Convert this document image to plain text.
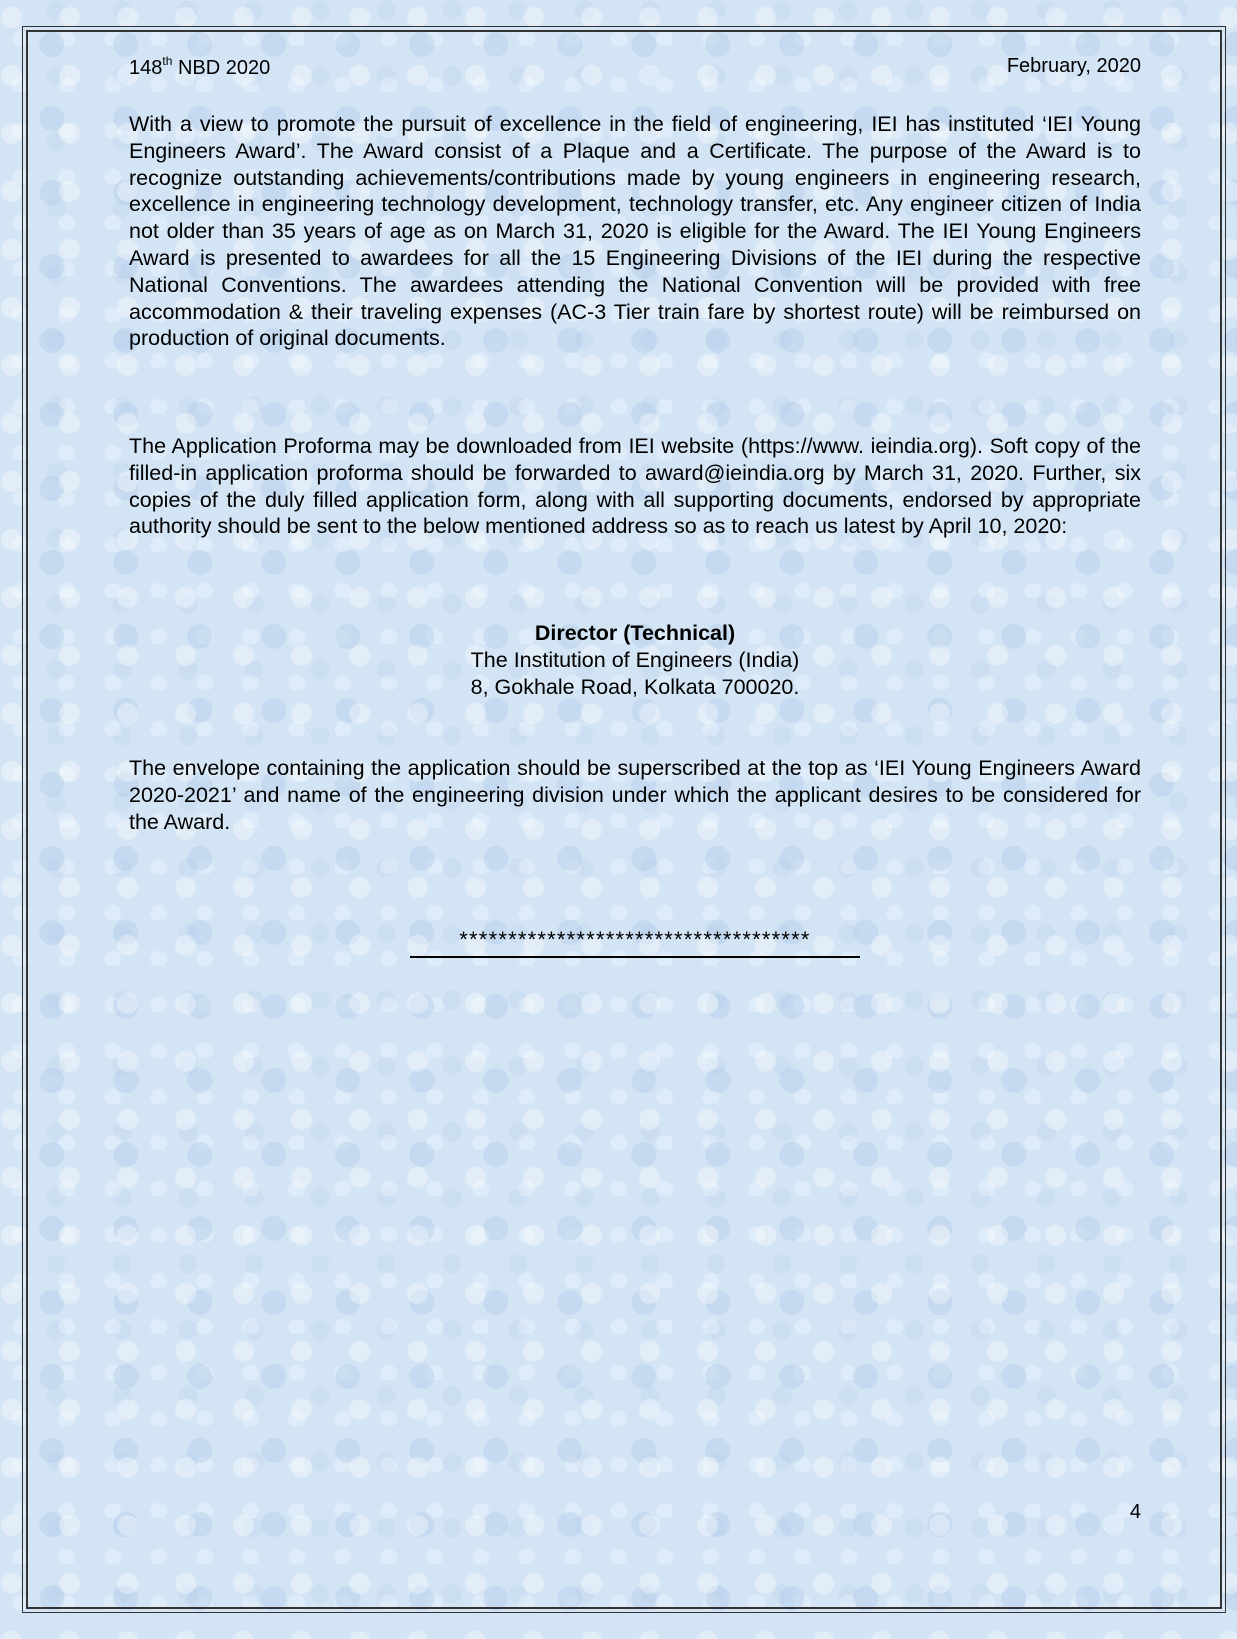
148th NBD 2020	February, 2020

With a view to promote the pursuit of excellence in the field of engineering, IEI has instituted ‘IEI Young Engineers Award’. The Award consist of a Plaque and a Certificate. The purpose of the Award is to recognize outstanding achievements/contributions made by young engineers in engineering research, excellence in engineering technology development, technology transfer, etc. Any engineer citizen of India not older than 35 years of age as on March 31, 2020 is eligible for the Award. The IEI Young Engineers Award is presented to awardees for all the 15 Engineering Divisions of the IEI during the respective National Conventions. The awardees attending the National Convention will be provided with free accommodation & their traveling expenses (AC-3 Tier train fare by shortest route) will be reimbursed on production of original documents.

The Application Proforma may be downloaded from IEI website (https://www. ieindia.org). Soft copy of the filled-in application proforma should be forwarded to award@ieindia.org by March 31, 2020. Further, six copies of the duly filled application form, along with all supporting documents, endorsed by appropriate authority should be sent to the below mentioned address so as to reach us latest by April 10, 2020:

Director (Technical)
The Institution of Engineers (India)
8, Gokhale Road, Kolkata 700020.

The envelope containing the application should be superscribed at the top as ‘IEI Young Engineers Award 2020-2021’ and name of the engineering division under which the applicant desires to be considered for the Award.

************************************
4
